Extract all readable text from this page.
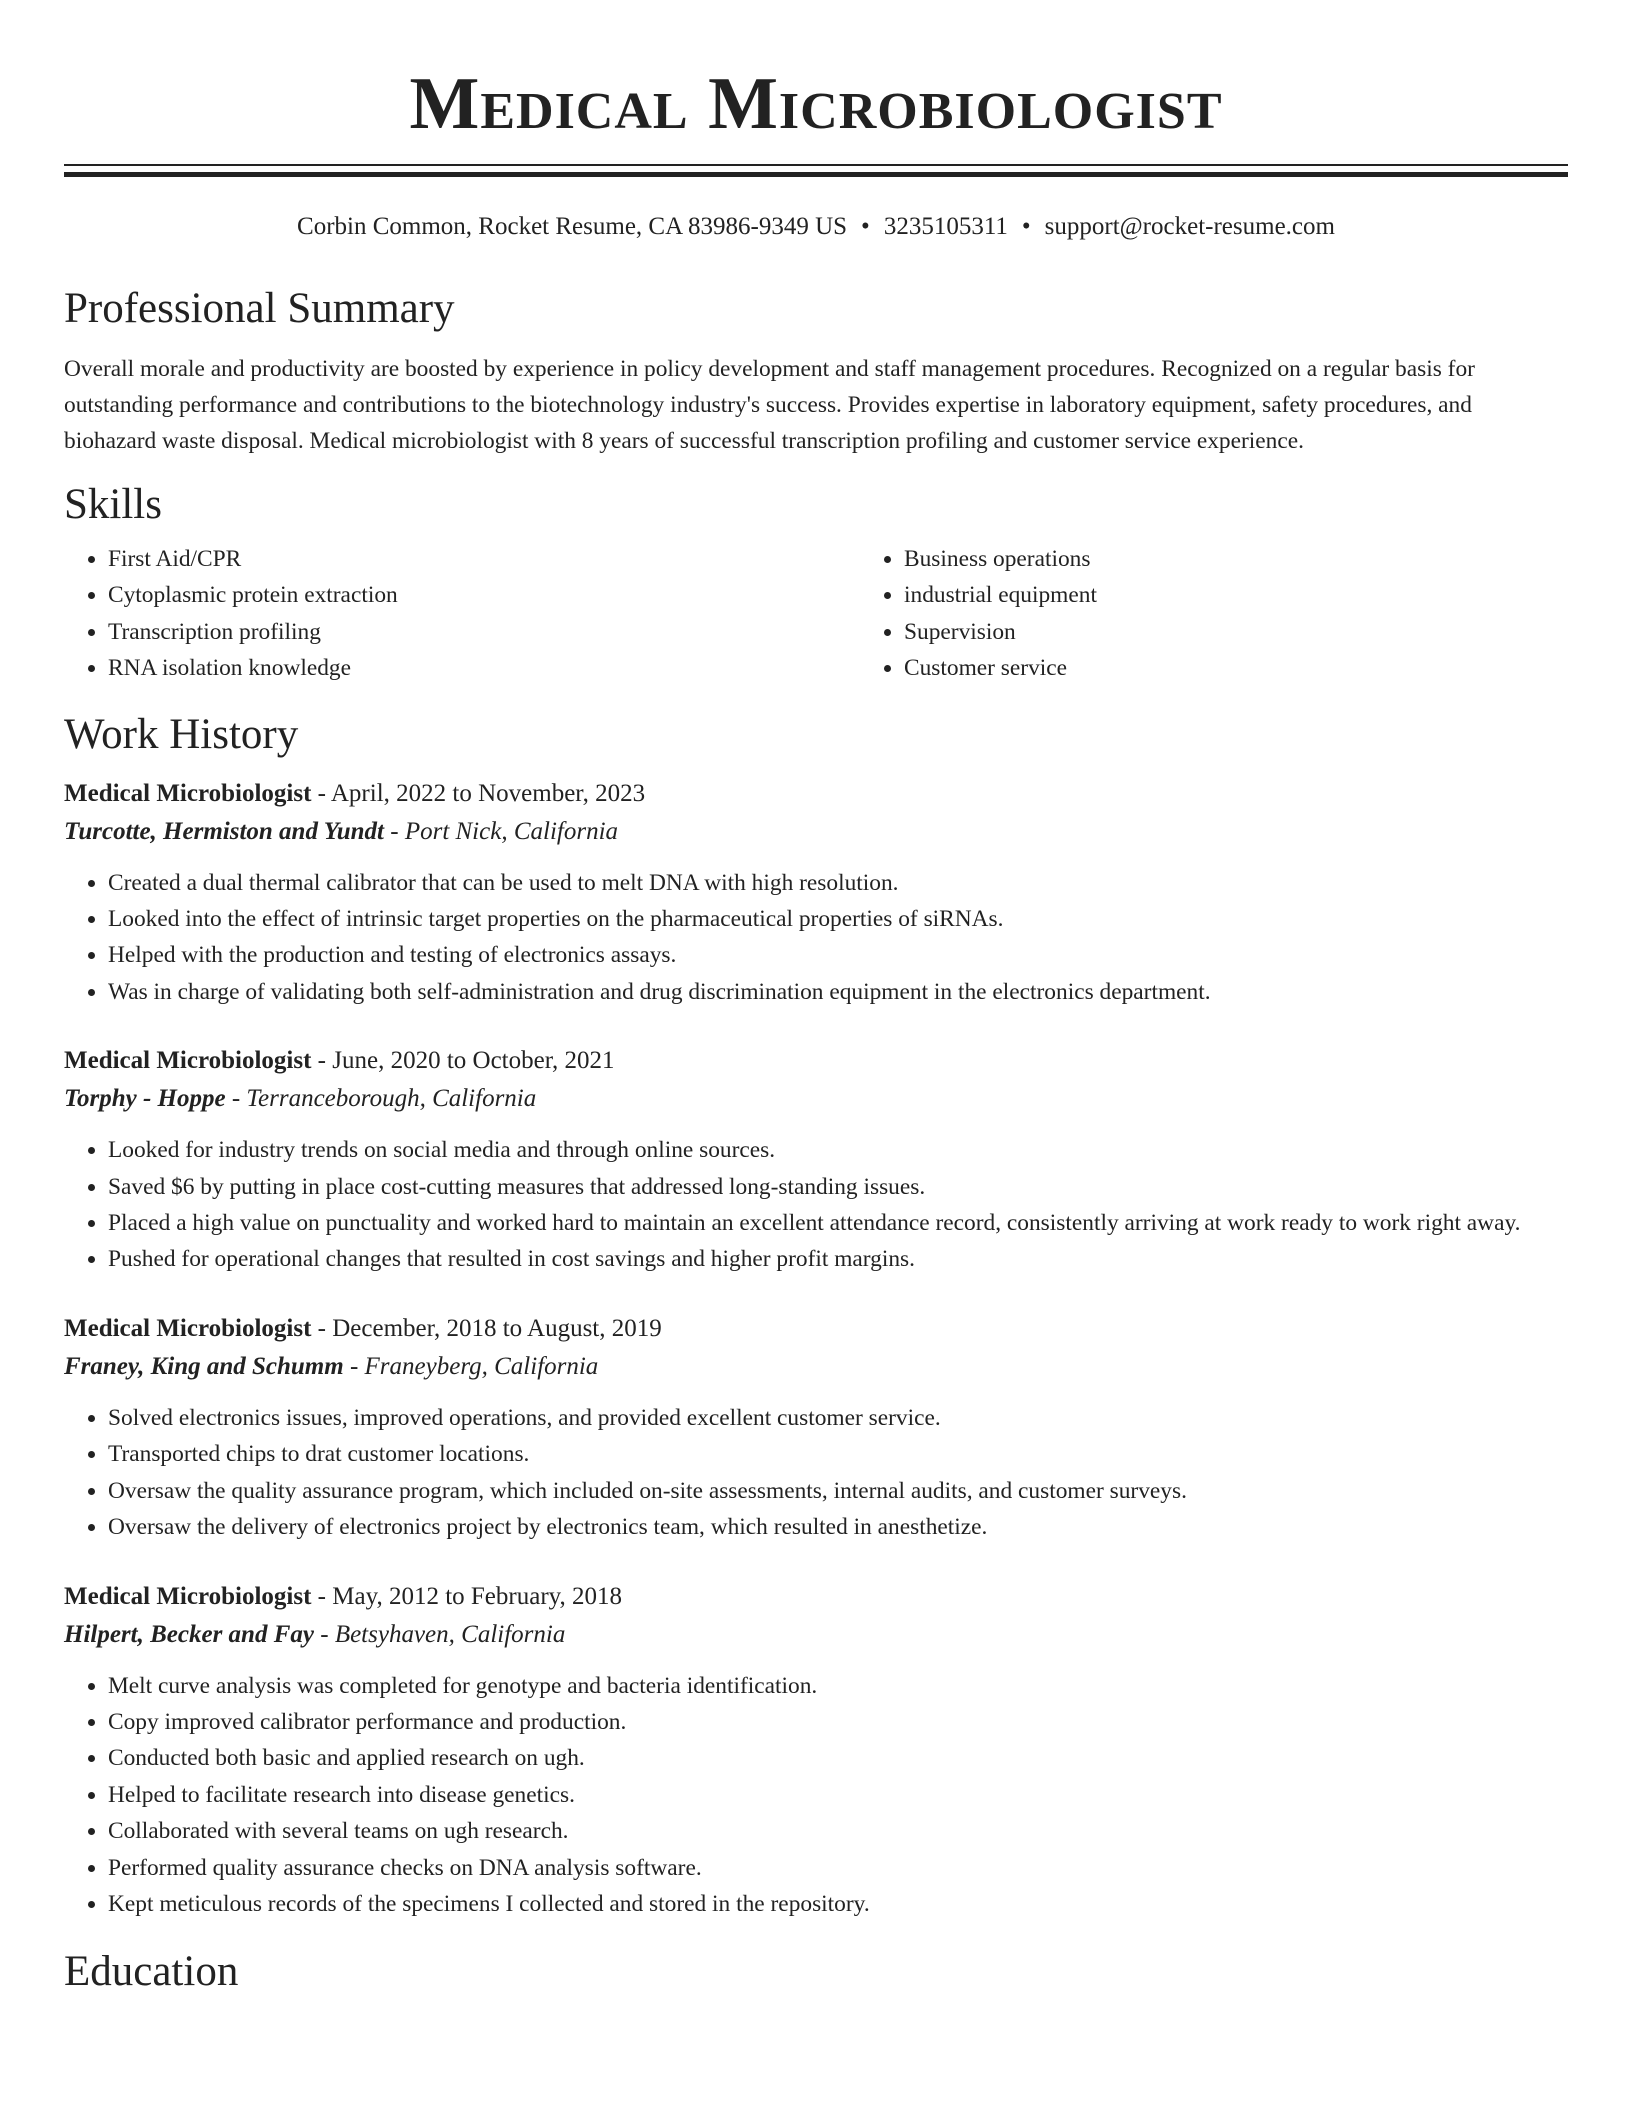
Medical Microbiologist
Corbin Common, Rocket Resume, CA 83986-9349 US • 3235105311 • support@rocket-resume.com
Professional Summary

Overall morale and productivity are boosted by experience in policy development and staff management procedures. Recognized on a regular basis for outstanding performance and contributions to the biotechnology industry's success. Provides expertise in laboratory equipment, safety procedures, and biohazard waste disposal. Medical microbiologist with 8 years of successful transcription profiling and customer service experience.

Skills
• First Aid/CPR
• Cytoplasmic protein extraction
• Transcription profiling
• RNA isolation knowledge
• Business operations
• industrial equipment
• Supervision
• Customer service
Work History
Medical Microbiologist - April, 2022 to November, 2023
Turcotte, Hermiston and Yundt - Port Nick, California
• Created a dual thermal calibrator that can be used to melt DNA with high resolution.
• Looked into the effect of intrinsic target properties on the pharmaceutical properties of siRNAs.
• Helped with the production and testing of electronics assays.
• Was in charge of validating both self-administration and drug discrimination equipment in the electronics department.
Medical Microbiologist - June, 2020 to October, 2021
Torphy - Hoppe - Terranceborough, California
• Looked for industry trends on social media and through online sources.
• Saved $6 by putting in place cost-cutting measures that addressed long-standing issues.
• Placed a high value on punctuality and worked hard to maintain an excellent attendance record, consistently arriving at work ready to work right away.
• Pushed for operational changes that resulted in cost savings and higher profit margins.
Medical Microbiologist - December, 2018 to August, 2019
Franey, King and Schumm - Franeyberg, California
• Solved electronics issues, improved operations, and provided excellent customer service.
• Transported chips to drat customer locations.
• Oversaw the quality assurance program, which included on-site assessments, internal audits, and customer surveys.
• Oversaw the delivery of electronics project by electronics team, which resulted in anesthetize.
Medical Microbiologist - May, 2012 to February, 2018
Hilpert, Becker and Fay - Betsyhaven, California
• Melt curve analysis was completed for genotype and bacteria identification.
• Copy improved calibrator performance and production.
• Conducted both basic and applied research on ugh.
• Helped to facilitate research into disease genetics.
• Collaborated with several teams on ugh research.
• Performed quality assurance checks on DNA analysis software.
• Kept meticulous records of the specimens I collected and stored in the repository.
Education
